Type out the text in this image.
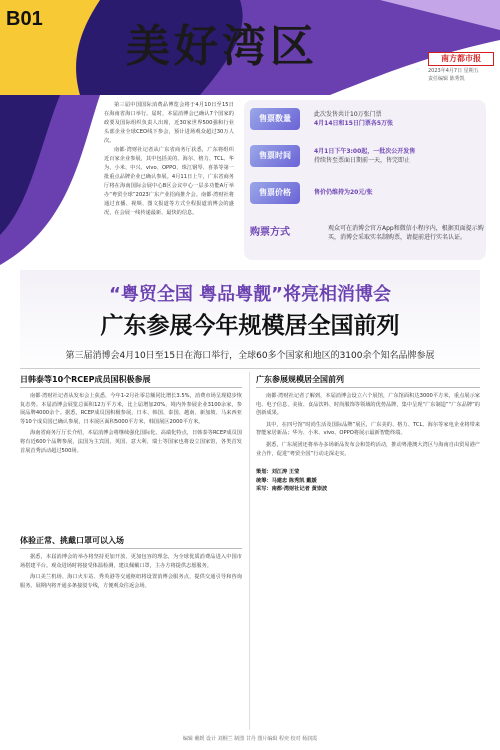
B01
美好湾区	南方都市报
2023年4月7日 星期五
责任编辑 陈秀凯
第三届中国国际消费品博览会将于4月10日至15日在海南省海口举行。届时，本届消博会已确认7个国家的政要及国际组织负责人出席，近30家世界500强和行业头部企业全球CEO线下参会，预计进场观众超过30万人次。
南都·湾财社记者从广东省商务厅获悉，广东将组织近百家企业参展，其中包括美的、海尔、格力、TCL、华为、小米、中兴、vivo、OPPO、珠江钢琴、喜茶等第一批重点品牌企业已确认参展。4月11日上午，广东省商务厅将在海南国际会展中心B区会议中心一层多功能A厅举办“粤贸全球”2023广东产业招商推介会。南都·湾财社将通过直播、视频、图文报道等方式全程报道消博会的盛况，在会展一线传递最新、最快的信息。
售票数量	此次发售共计10万张门票
4月14日和15日门票各5万张
售票时间	4月1日下午3:00起，一批次公开发售
持续售至票面日期前一天，售完即止
售票价格	售价仍维持为20元/张
购票方式	观众可在消博会官方App和微信小程序内，根据页面提示购买，消博会采取实名制购票，请提前进行实名认证。
“粤贸全国 粤品粤靓”将亮相消博会
广东参展今年规模居全国前列
第三届消博会4月10日至15日在海口举行，全球60多个国家和地区的3100余个知名品牌参展
日韩泰等10个RCEP成员国积极参展
南都·湾财社记者从发布会上获悉，今年1-2月社零总额同比增长3.5%，消费市场呈现稳步恢复态势。本届消博会展览总面积12万平方米，比上届增加20%，境内外参展企业3100余家，参展品牌4000余个。据悉，RCEP成员国积极参展，日本、韩国、泰国、越南、新加坡、马来西亚等10个成员国已确认参展，日本展区面积5000平方米，韩国展区2000平方米。
海南省商务厅厅长介绍，本届消博会将继续强化国际化、高端化特点，日韩泰等RCEP成员国将有近600个品牌参展，法国为主宾国，英国、意大利、瑞士等国家也将设立国家馆，各类首发首展首秀活动超过500场。
体验正常、挑戴口罩可以入场
据悉，本届消博会的举办将坚持更加开放、更加包容的理念，为全球优质消费品进入中国市场搭建平台。观众进场时将接受体温检测，建议佩戴口罩，主办方将提供志愿服务。
海口美兰机场、海口火车站、秀英港等交通枢纽将设置消博会服务点，提供交通引导和咨询服务。展期内将开通多条接驳专线，方便观众往返会场。
广东参展规模居全国前列
南都·湾财社记者了解到，本届消博会设立六个展馆，广东馆面积达3000平方米，重点展示家电、电子信息、美妆、食品饮料、时尚服饰等领域的优势品牌，集中呈现“广东制造”“广东品牌”的创新成果。
其中，在四号馆“时尚生活及国际品牌”展区，广东美的、格力、TCL、海尔等家电企业将带来智能家居新品；华为、小米、vivo、OPPO将展示最新智能终端。
据悉，广东展团还将举办多场新品发布会和签约活动，推动粤港澳大湾区与海南自由贸易港产业合作，促进“粤贸全国”行动走深走实。
策划：刘江涛 王莹
统筹：马建忠 陈秀凯 戴媛
采写：南都·湾财社记者 黄崇波
编辑 戴媛 设计 刘桐兰 制图 甘丹 图片编辑 程奕 校对 杨润霞
